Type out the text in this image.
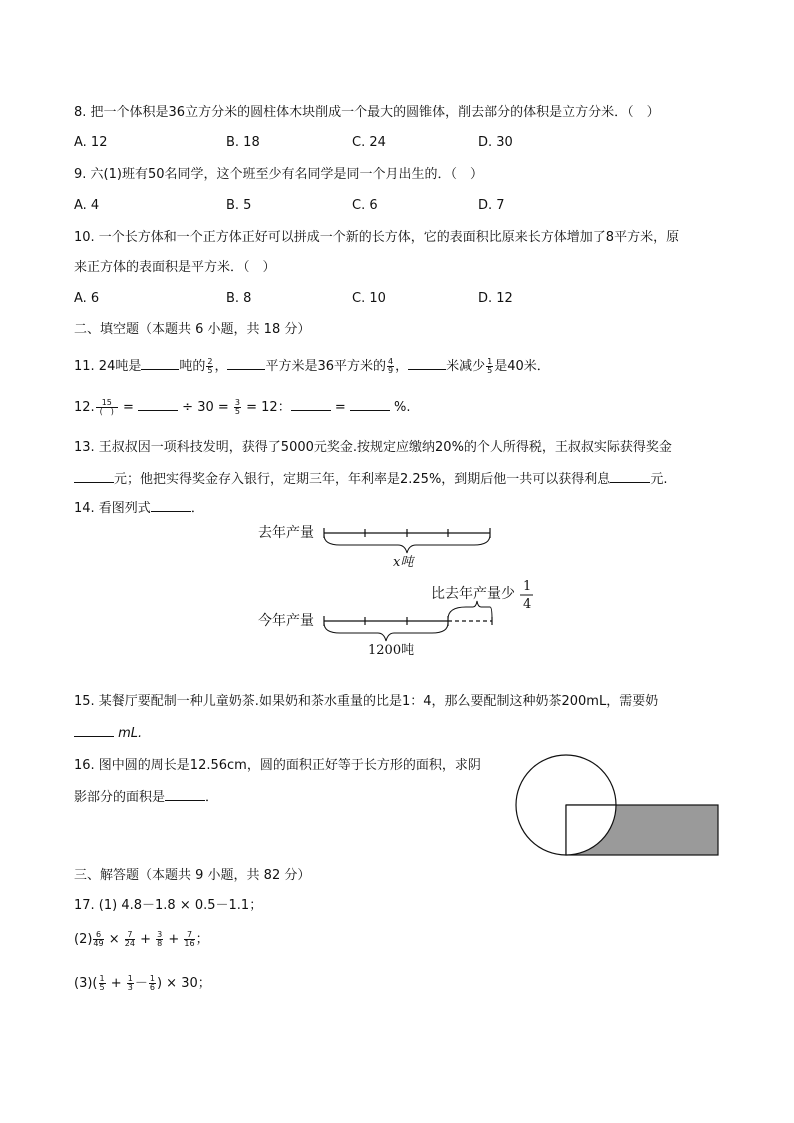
8. 把一个体积是36立方分米的圆柱体木块削成一个最大的圆锥体，削去部分的体积是立方分米．（　）
A. 12	B. 18	C. 24	D. 30
9. 六(1)班有50名同学，这个班至少有名同学是同一个月出生的．（　）
A. 4	B. 5	C. 6	D. 7
10. 一个长方体和一个正方体正好可以拼成一个新的长方体，它的表面积比原来长方体增加了8平方米，原
来正方体的表面积是平方米．（　）
A. 6	B. 8	C. 10	D. 12
二、填空题（本题共 6 小题，共 18 分）
11. 24吨是	吨的 $\frac{2}{5}$ ，	平方米是36平方米的 $\frac{4}{9}$ ，	米减少 $\frac{1}{5}$ 是40米．
12. $\frac{15}{( )}$ =	÷ $30 = \frac{3}{5} = 12$：	=	%.
13. 王叔叔因一项科技发明，获得了5000元奖金.按规定应缴纳20%的个人所得税，王叔叔实际获得奖金
元；他把实得奖金存入银行，定期三年，年利率是2.25%，到期后他一共可以获得利息	元.
14. 看图列式	．
去年产量
x吨
比去年产量少 1
4
今年产量
1200吨
15. 某餐厅要配制一种儿童奶茶.如果奶和茶水重量的比是1：4，那么要配制这种奶茶200mL，需要奶
mL.
16. 图中圆的周长是12.56cm，圆的面积正好等于长方形的面积，求阴
影部分的面积是	．
三、解答题（本题共 9 小题，共 82 分）
17. (1) 4.8－1.8 × 0.5－1.1；
$(2) \frac{6}{49} \times \frac{7}{24} + \frac{3}{8} + \frac{7}{16}$ ；
$(3)( \frac{1}{5} + \frac{1}{3} - \frac{1}{6}$ ) × 30；
